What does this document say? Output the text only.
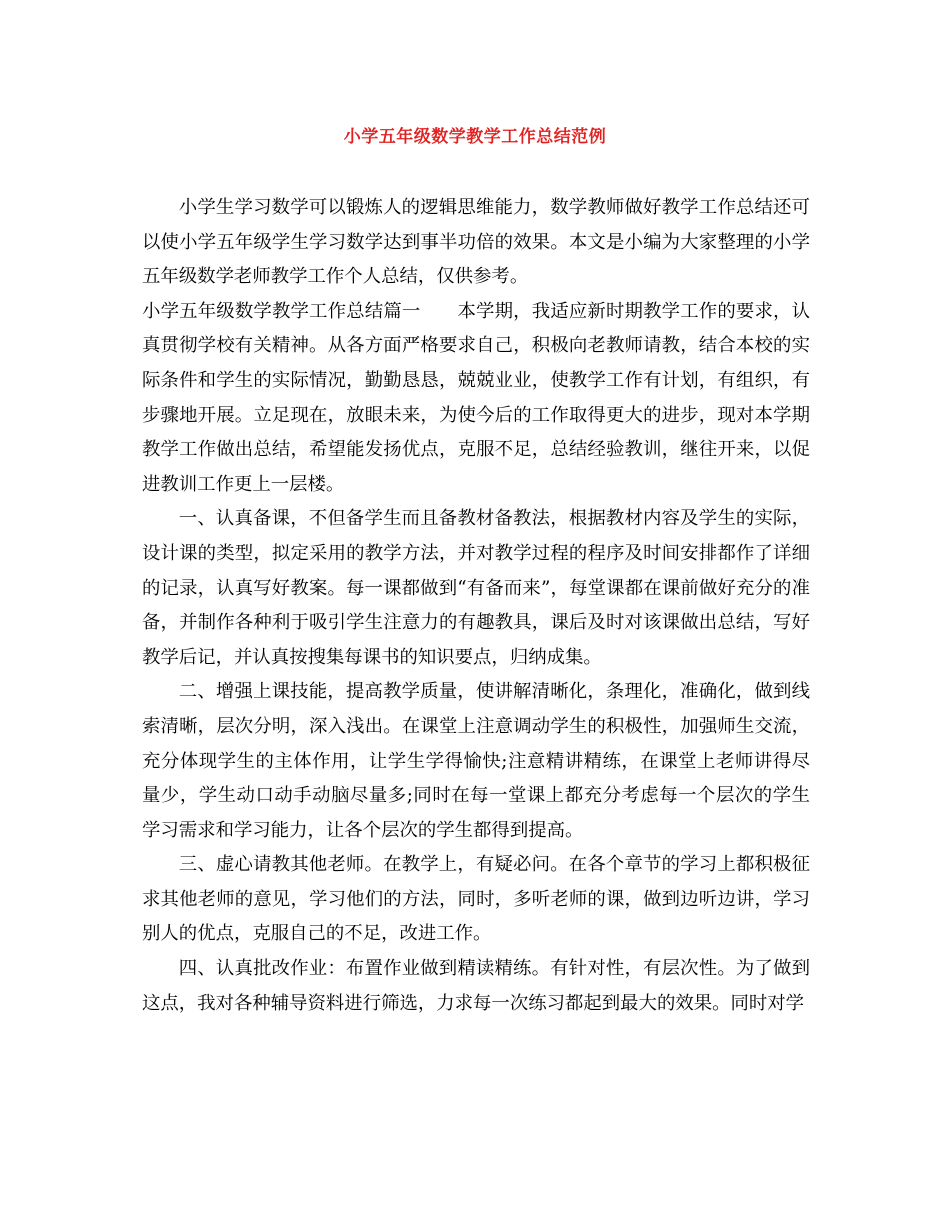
小学五年级数学教学工作总结范例

小学生学习数学可以锻炼人的逻辑思维能力，数学教师做好教学工作总结还可以使小学五年级学生学习数学达到事半功倍的效果。本文是小编为大家整理的小学五年级数学老师教学工作个人总结，仅供参考。

小学五年级数学教学工作总结篇一 本学期，我适应新时期教学工作的要求，认真贯彻学校有关精神。从各方面严格要求自己，积极向老教师请教，结合本校的实际条件和学生的实际情况，勤勤恳恳，兢兢业业，使教学工作有计划，有组织，有步骤地开展。立足现在，放眼未来，为使今后的工作取得更大的进步，现对本学期教学工作做出总结，希望能发扬优点，克服不足，总结经验教训，继往开来，以促进教训工作更上一层楼。

一、认真备课，不但备学生而且备教材备教法，根据教材内容及学生的实际，设计课的类型，拟定采用的教学方法，并对教学过程的程序及时间安排都作了详细的记录，认真写好教案。每一课都做到“有备而来”，每堂课都在课前做好充分的准备，并制作各种利于吸引学生注意力的有趣教具，课后及时对该课做出总结，写好教学后记，并认真按搜集每课书的知识要点，归纳成集。

二、增强上课技能，提高教学质量，使讲解清晰化，条理化，准确化，做到线索清晰，层次分明，深入浅出。在课堂上注意调动学生的积极性，加强师生交流，充分体现学生的主体作用，让学生学得愉快;注意精讲精练，在课堂上老师讲得尽量少，学生动口动手动脑尽量多;同时在每一堂课上都充分考虑每一个层次的学生学习需求和学习能力，让各个层次的学生都得到提高。

三、虚心请教其他老师。在教学上，有疑必问。在各个章节的学习上都积极征求其他老师的意见，学习他们的方法，同时，多听老师的课，做到边听边讲，学习别人的优点，克服自己的不足，改进工作。

四、认真批改作业：布置作业做到精读精练。有针对性，有层次性。为了做到这点，我对各种辅导资料进行筛选，力求每一次练习都起到最大的效果。同时对学
